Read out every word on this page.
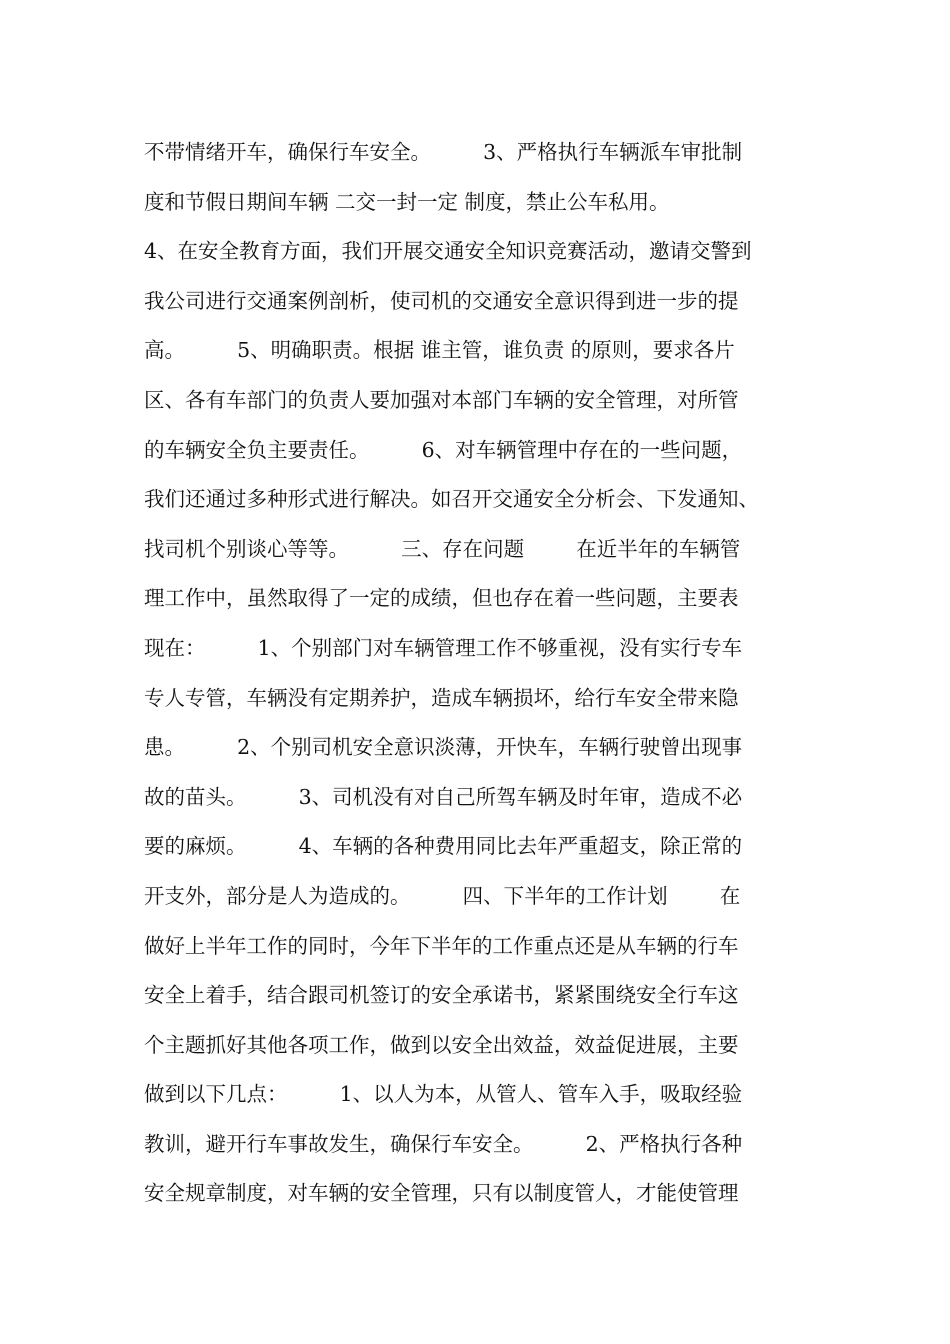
不带情绪开车，确保行车安全。        3、严格执行车辆派车审批制
度和节假日期间车辆 二交一封一定 制度，禁止公车私用。
4、在安全教育方面，我们开展交通安全知识竞赛活动，邀请交警到
我公司进行交通案例剖析，使司机的交通安全意识得到进一步的提
高。        5、明确职责。根据 谁主管，谁负责 的原则，要求各片
区、各有车部门的负责人要加强对本部门车辆的安全管理，对所管
的车辆安全负主要责任。        6、对车辆管理中存在的一些问题，
我们还通过多种形式进行解决。如召开交通安全分析会、下发通知、
找司机个别谈心等等。        三、存在问题        在近半年的车辆管
理工作中，虽然取得了一定的成绩，但也存在着一些问题，主要表
现在：        1、个别部门对车辆管理工作不够重视，没有实行专车
专人专管，车辆没有定期养护，造成车辆损坏，给行车安全带来隐
患。        2、个别司机安全意识淡薄，开快车，车辆行驶曾出现事
故的苗头。        3、司机没有对自己所驾车辆及时年审，造成不必
要的麻烦。        4、车辆的各种费用同比去年严重超支，除正常的
开支外，部分是人为造成的。        四、下半年的工作计划        在
做好上半年工作的同时，今年下半年的工作重点还是从车辆的行车
安全上着手，结合跟司机签订的安全承诺书，紧紧围绕安全行车这
个主题抓好其他各项工作，做到以安全出效益，效益促进展，主要
做到以下几点：        1、以人为本，从管人、管车入手，吸取经验
教训，避开行车事故发生，确保行车安全。        2、严格执行各种
安全规章制度，对车辆的安全管理，只有以制度管人，才能使管理
